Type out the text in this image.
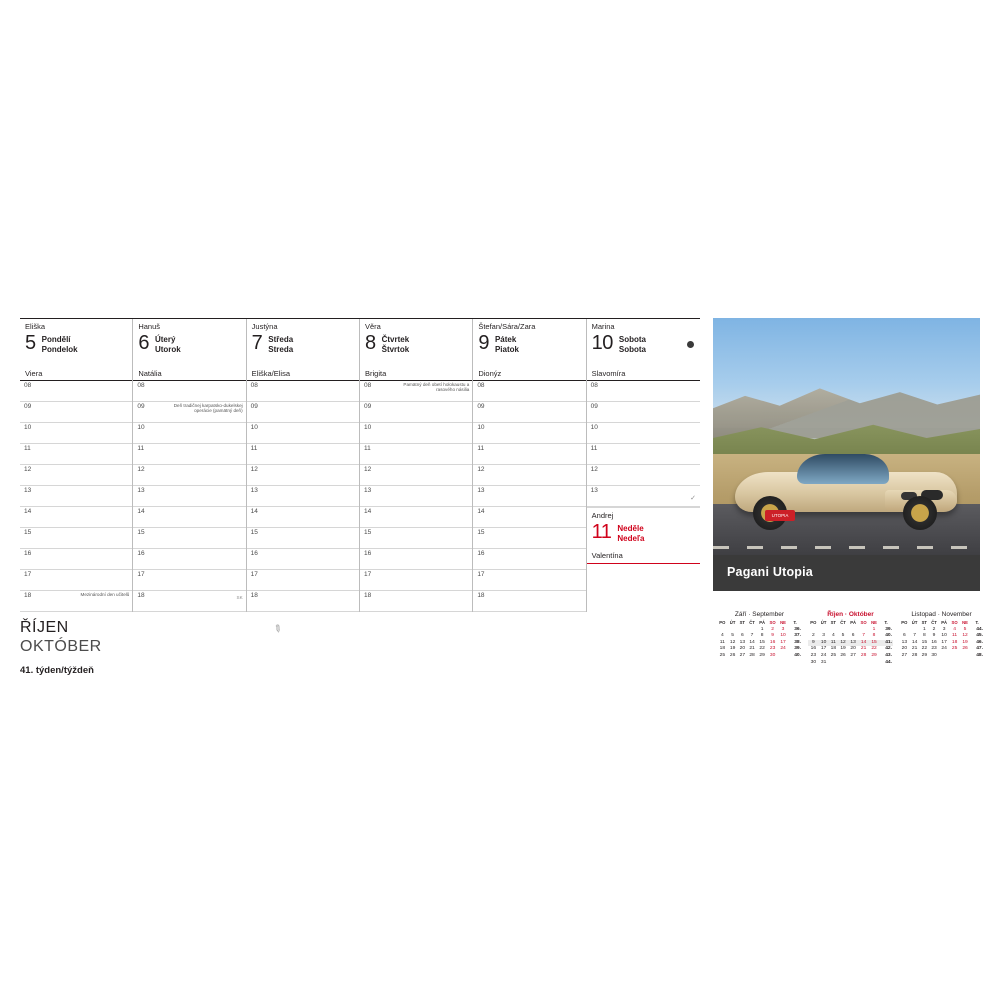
Eliška
5 Pondělí
Pondelok
Viera
08
09
10
11
12
13
14
15
16
17
18	Mezinárodní den učitelů
Hanuš
6 Úterý
Utorok
Natália
08
09	Deň tradičnej karpatsko-dukelskej operácie (pamätný deň)
10
11
12
13
14
15
16
17
18	SK
Justýna
7 Středa
Streda
Eliška/Elisa
08
09
10
11
12
13
14
15
16
17
18
Věra
8 Čtvrtek
Štvrtok
Brigita
08	Pamätný deň obetí holokaustu a rasového násilia
09
10
11
12
13
14
15
16
17
18
Štefan/Sára/Zara
9 Pátek
Piatok
Dionýz
08
09
10
11
12
13
14
15
16
17
18
Marina
10 Sobota
Sobota
Slavomíra
08
09
10
11
12
13
✓
Andrej
11 Neděle
Nedeľa
Valentína
ŘÍJEN
OKTÓBER
41. týden/týždeň
✎
UTOPIA
Pagani Utopia
Září · September
PO	ÚT	ST	ČT	PÁ	SO	NE	T.
				1	2	3	36.
4	5	6	7	8	9	10	37.
11	12	13	14	15	16	17	38.
18	19	20	21	22	23	24	39.
25	26	27	28	29	30		40.
Říjen · Október
PO	ÚT	ST	ČT	PÁ	SO	NE	T.
						1	39.
2	3	4	5	6	7	8	40.
9	10	11	12	13	14	15	41.
16	17	18	19	20	21	22	42.
23	24	25	26	27	28	29	43.
30	31						44.
Listopad · November
PO	ÚT	ST	ČT	PÁ	SO	NE	T.
		1	2	3	4	5	44.
6	7	8	9	10	11	12	45.
13	14	15	16	17	18	19	46.
20	21	22	23	24	25	26	47.
27	28	29	30				48.
